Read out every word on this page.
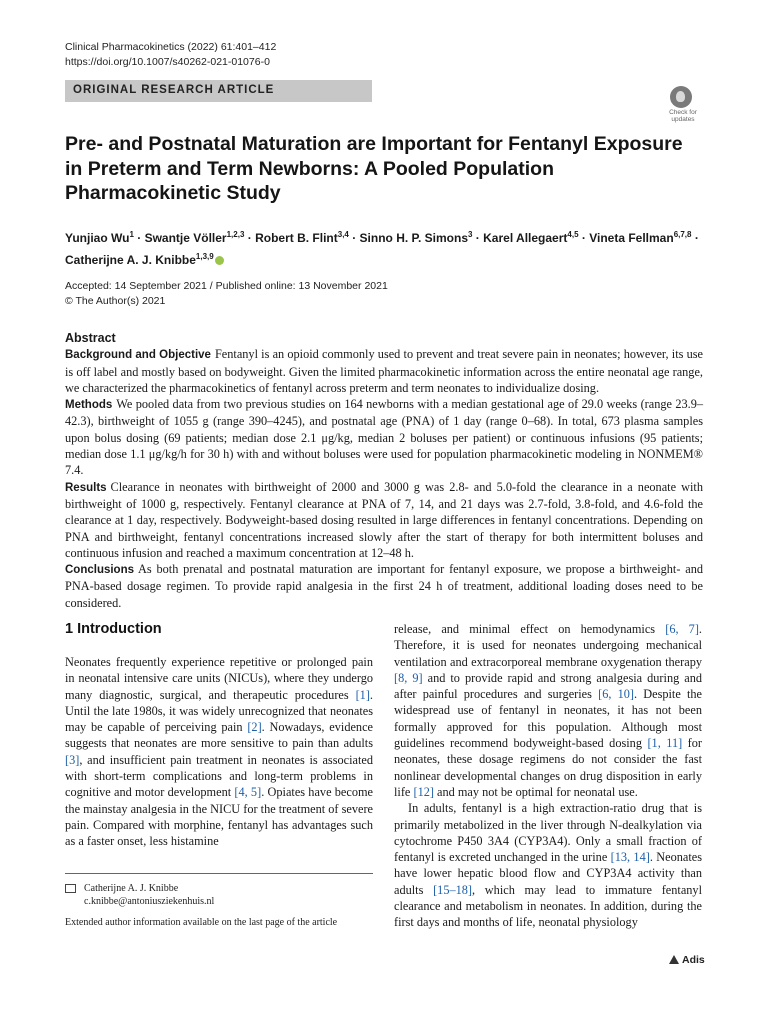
Clinical Pharmacokinetics (2022) 61:401–412
https://doi.org/10.1007/s40262-021-01076-0
ORIGINAL RESEARCH ARTICLE
Check for updates
Pre- and Postnatal Maturation are Important for Fentanyl Exposure in Preterm and Term Newborns: A Pooled Population Pharmacokinetic Study
Yunjiao $Wu^1$ · Swantje Völler$^{1,2,3}$ · Robert B. Flint$^{3,4}$ · Sinno H. P. Simons$^3$ · Karel Allegaert$^{4,5}$ · Vineta Fellman$^{6,7,8}$ ·
Catherijne A. J. Knibbe$^{1,3,9}$
Accepted: 14 September 2021 / Published online: 13 November 2021
© The Author(s) 2021
Abstract

Background and Objective Fentanyl is an opioid commonly used to prevent and treat severe pain in neonates; however, its use is off label and mostly based on bodyweight. Given the limited pharmacokinetic information across the entire neonatal age range, we characterized the pharmacokinetics of fentanyl across preterm and term neonates to individualize dosing.

Methods We pooled data from two previous studies on 164 newborns with a median gestational age of 29.0 weeks (range 23.9–42.3), birthweight of 1055 g (range 390–4245), and postnatal age (PNA) of 1 day (range 0–68). In total, 673 plasma samples upon bolus dosing (69 patients; median dose 2.1 μg/kg, median 2 boluses per patient) or continuous infusions (95 patients; median dose 1.1 μg/kg/h for 30 h) with and without boluses were used for population pharmacokinetic modeling in NONMEM® 7.4.

Results Clearance in neonates with birthweight of 2000 and 3000 g was 2.8- and 5.0-fold the clearance in a neonate with birthweight of 1000 g, respectively. Fentanyl clearance at PNA of 7, 14, and 21 days was 2.7-fold, 3.8-fold, and 4.6-fold the clearance at 1 day, respectively. Bodyweight-based dosing resulted in large differences in fentanyl concentrations. Depending on PNA and birthweight, fentanyl concentrations increased slowly after the start of therapy for both intermittent boluses and continuous infusion and reached a maximum concentration at 12–48 h.

Conclusions As both prenatal and postnatal maturation are important for fentanyl exposure, we propose a birthweight- and PNA-based dosage regimen. To provide rapid analgesia in the first 24 h of treatment, additional loading doses need to be considered.

1 Introduction

Neonates frequently experience repetitive or prolonged pain in neonatal intensive care units (NICUs), where they undergo many diagnostic, surgical, and therapeutic procedures [1]. Until the late 1980s, it was widely unrecognized that neonates may be capable of perceiving pain [2]. Nowadays, evidence suggests that neonates are more sensitive to pain than adults [3], and insufficient pain treatment in neonates is associated with short-term complications and long-term problems in cognitive and motor development [4, 5]. Opiates have become the mainstay analgesia in the NICU for the treatment of severe pain. Compared with morphine, fentanyl has advantages such as a faster onset, less histamine

release, and minimal effect on hemodynamics [6, 7]. Therefore, it is used for neonates undergoing mechanical ventilation and extracorporeal membrane oxygenation therapy [8, 9] and to provide rapid and strong analgesia during and after painful procedures and surgeries [6, 10]. Despite the widespread use of fentanyl in neonates, it has not been formally approved for this population. Although most guidelines recommend bodyweight-based dosing [1, 11] for neonates, these dosage regimens do not consider the fast nonlinear developmental changes on drug disposition in early life [12] and may not be optimal for neonatal use.

In adults, fentanyl is a high extraction-ratio drug that is primarily metabolized in the liver through N-dealkylation via cytochrome P450 3A4 (CYP3A4). Only a small fraction of fentanyl is excreted unchanged in the urine [13, 14]. Neonates have lower hepatic blood flow and CYP3A4 activity than adults [15–18], which may lead to immature fentanyl clearance and metabolism in neonates. In addition, during the first days and months of life, neonatal physiology

Catherijne A. J. Knibbe
c.knibbe@antoniusziekenhuis.nl
Extended author information available on the last page of the article
Adis
